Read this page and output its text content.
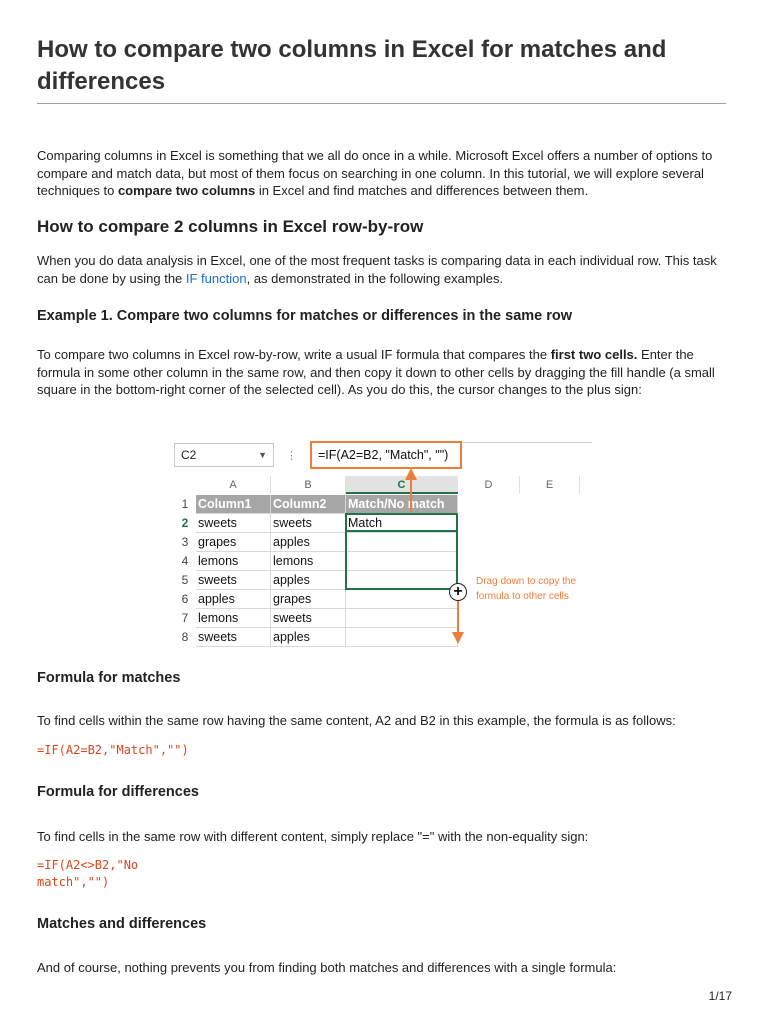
How to compare two columns in Excel for matches and differences

Comparing columns in Excel is something that we all do once in a while. Microsoft Excel offers a number of options to compare and match data, but most of them focus on searching in one column. In this tutorial, we will explore several techniques to compare two columns in Excel and find matches and differences between them.

How to compare 2 columns in Excel row-by-row

When you do data analysis in Excel, one of the most frequent tasks is comparing data in each individual row. This task can be done by using the IF function, as demonstrated in the following examples.

Example 1. Compare two columns for matches or differences in the same row

To compare two columns in Excel row-by-row, write a usual IF formula that compares the first two cells. Enter the formula in some other column in the same row, and then copy it down to other cells by dragging the fill handle (a small square in the bottom-right corner of the selected cell). As you do this, the cursor changes to the plus sign:

Formula for matches

To find cells within the same row having the same content, A2 and B2 in this example, the formula is as follows:

=IF(A2=B2,"Match","")

Formula for differences

To find cells in the same row with different content, simply replace "=" with the non-equality sign:

=IF(A2<>B2,"No

match","")

Matches and differences

And of course, nothing prevents you from finding both matches and differences with a single formula:

C2	▼ ⋮	=IF(A2=B2, "Match", "")
A	B	C	D	E
1 Column1	Column2	Match/No match
2 sweets	sweets	Match
3 grapes	apples
4 lemons	lemons
5 sweets	apples
6 apples	grapes
7 lemons	sweets
8 sweets	apples
+
Drag down to copy the
formula to other cells
1/17
